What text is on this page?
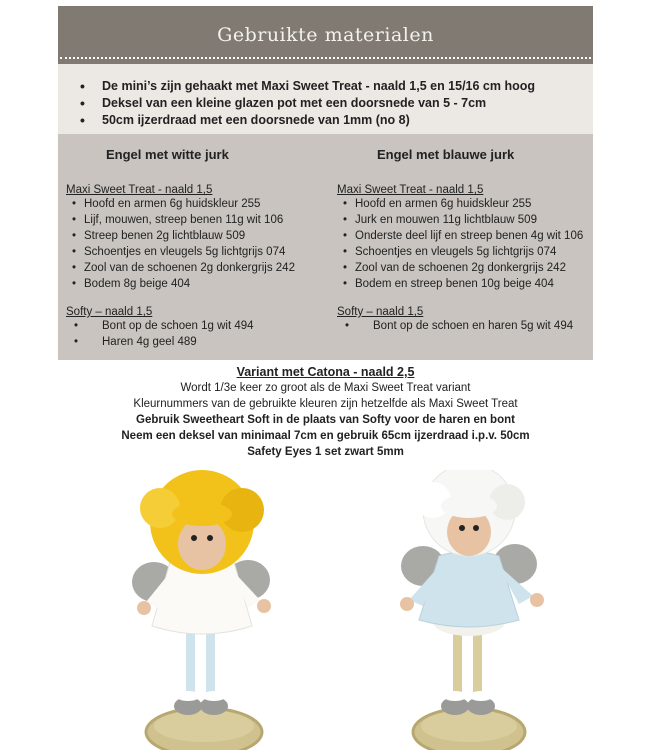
Gebruikte materialen
• De mini’s zijn gehaakt met Maxi Sweet Treat - naald 1,5 en 15/16 cm hoog
• Deksel van een kleine glazen pot met een doorsnede van 5 - 7cm
• 50cm ijzerdraad met een doorsnede van 1mm (no 8)
Engel met witte jurk
Maxi Sweet Treat - naald 1,5
• Hoofd en armen 6g huidskleur 255
• Lijf, mouwen, streep benen 11g wit 106
• Streep benen 2g lichtblauw 509
• Schoentjes en vleugels 5g lichtgrijs 074
• Zool van de schoenen 2g donkergrijs 242
• Bodem 8g beige 404
Softy – naald 1,5
• Bont op de schoen 1g wit 494
• Haren 4g geel 489
Engel met blauwe jurk
Maxi Sweet Treat - naald 1,5
• Hoofd en armen 6g huidskleur 255
• Jurk en mouwen 11g lichtblauw 509
• Onderste deel lijf en streep benen 4g wit 106
• Schoentjes en vleugels 5g lichtgrijs 074
• Zool van de schoenen 2g donkergrijs 242
• Bodem en streep benen 10g beige 404
Softy – naald 1,5
• Bont op de schoen en haren 5g wit 494
Variant met Catona - naald 2,5
Wordt 1/3e keer zo groot als de Maxi Sweet Treat variant
Kleurnummers van de gebruikte kleuren zijn hetzelfde als Maxi Sweet Treat
Gebruik Sweetheart Soft in de plaats van Softy voor de haren en bont
Neem een deksel van minimaal 7cm en gebruik 65cm ijzerdraad i.p.v. 50cm
Safety Eyes 1 set zwart 5mm
